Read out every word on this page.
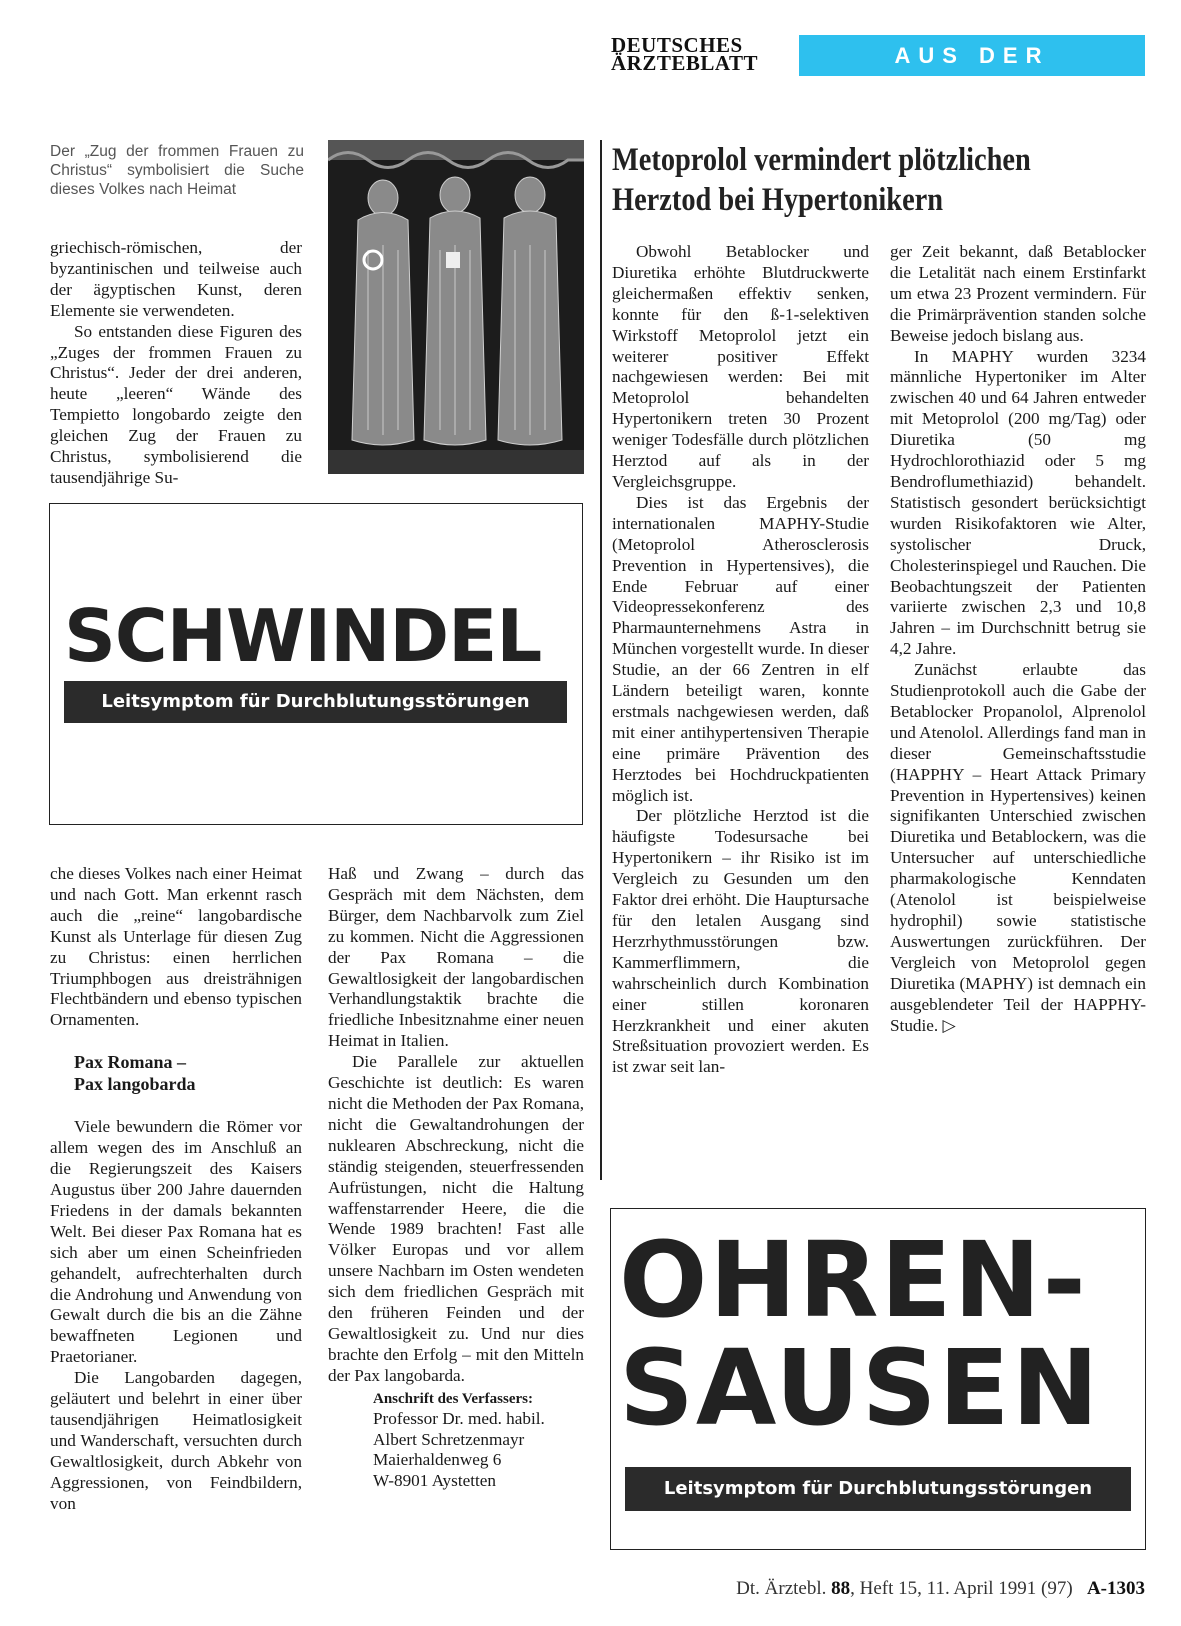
DEUTSCHES
ÄRZTEBLATT	AUS DER INDUSTRIE
Der „Zug der frommen Frauen zu Christus“ symbolisiert die Suche dieses Volkes nach Heimat

griechisch-römischen, der byzantinischen und teilweise auch der ägyptischen Kunst, deren Elemente sie verwendeten.

So entstanden diese Figuren des „Zuges der frommen Frauen zu Christus“. Jeder der drei anderen, heute „leeren“ Wände des Tempietto longobardo zeigte den gleichen Zug der Frauen zu Christus, symbolisierend die tausendjährige Su-

SCHWINDEL
Leitsymptom für Durchblutungsstörungen

che dieses Volkes nach einer Heimat und nach Gott. Man erkennt rasch auch die „reine“ langobardische Kunst als Unterlage für diesen Zug zu Christus: einen herrlichen Triumphbogen aus dreisträhnigen Flechtbändern und ebenso typischen Ornamenten.

Pax Romana –
Pax langobarda

Viele bewundern die Römer vor allem wegen des im Anschluß an die Regierungszeit des Kaisers Augustus über 200 Jahre dauernden Friedens in der damals bekannten Welt. Bei dieser Pax Romana hat es sich aber um einen Scheinfrieden gehandelt, aufrechterhalten durch die Androhung und Anwendung von Gewalt durch die bis an die Zähne bewaffneten Legionen und Praetorianer.

Die Langobarden dagegen, geläutert und belehrt in einer über tausendjährigen Heimatlosigkeit und Wanderschaft, versuchten durch Gewaltlosigkeit, durch Abkehr von Aggressionen, von Feindbildern, von

Haß und Zwang – durch das Gespräch mit dem Nächsten, dem Bürger, dem Nachbarvolk zum Ziel zu kommen. Nicht die Aggressionen der Pax Romana – die Gewaltlosigkeit der langobardischen Verhandlungstaktik brachte die friedliche Inbesitznahme einer neuen Heimat in Italien.

Die Parallele zur aktuellen Geschichte ist deutlich: Es waren nicht die Methoden der Pax Romana, nicht die Gewaltandrohungen der nuklearen Abschreckung, nicht die ständig steigenden, steuerfressenden Aufrüstungen, nicht die Haltung waffenstarrender Heere, die die Wende 1989 brachten! Fast alle Völker Europas und vor allem unsere Nachbarn im Osten wendeten sich dem friedlichen Gespräch mit den früheren Feinden und der Gewaltlosigkeit zu. Und nur dies brachte den Erfolg – mit den Mitteln der Pax langobarda.

Anschrift des Verfassers:

Professor Dr. med. habil.

Albert Schretzenmayr

Maierhaldenweg 6

W-8901 Aystetten

Metoprolol vermindert plötzlichen
Herztod bei Hypertonikern

Obwohl Betablocker und Diuretika erhöhte Blutdruckwerte gleichermaßen effektiv senken, konnte für den ß-1-selektiven Wirkstoff Metoprolol jetzt ein weiterer positiver Effekt nachgewiesen werden: Bei mit Metoprolol behandelten Hypertonikern treten 30 Prozent weniger Todesfälle durch plötzlichen Herztod auf als in der Vergleichsgruppe.

Dies ist das Ergebnis der internationalen MAPHY-Studie (Metoprolol Atherosclerosis Prevention in Hypertensives), die Ende Februar auf einer Videopressekonferenz des Pharmaunternehmens Astra in München vorgestellt wurde. In dieser Studie, an der 66 Zentren in elf Ländern beteiligt waren, konnte erstmals nachgewiesen werden, daß mit einer antihypertensiven Therapie eine primäre Prävention des Herztodes bei Hochdruckpatienten möglich ist.

Der plötzliche Herztod ist die häufigste Todesursache bei Hypertonikern – ihr Risiko ist im Vergleich zu Gesunden um den Faktor drei erhöht. Die Hauptursache für den letalen Ausgang sind Herzrhythmusstörungen bzw. Kammerflimmern, die wahrscheinlich durch Kombination einer stillen koronaren Herzkrankheit und einer akuten Streßsituation provoziert werden. Es ist zwar seit lan-

ger Zeit bekannt, daß Betablocker die Letalität nach einem Erstinfarkt um etwa 23 Prozent vermindern. Für die Primärprävention standen solche Beweise jedoch bislang aus.

In MAPHY wurden 3234 männliche Hypertoniker im Alter zwischen 40 und 64 Jahren entweder mit Metoprolol (200 mg/Tag) oder Diuretika (50 mg Hydrochlorothiazid oder 5 mg Bendroflumethiazid) behandelt. Statistisch gesondert berücksichtigt wurden Risikofaktoren wie Alter, systolischer Druck, Cholesterinspiegel und Rauchen. Die Beobachtungszeit der Patienten variierte zwischen 2,3 und 10,8 Jahren – im Durchschnitt betrug sie 4,2 Jahre.

Zunächst erlaubte das Studienprotokoll auch die Gabe der Betablocker Propanolol, Alprenolol und Atenolol. Allerdings fand man in dieser Gemeinschaftsstudie (HAPPHY – Heart Attack Primary Prevention in Hypertensives) keinen signifikanten Unterschied zwischen Diuretika und Betablockern, was die Untersucher auf unterschiedliche pharmakologische Kenndaten (Atenolol ist beispielweise hydrophil) sowie statistische Auswertungen zurückführen. Der Vergleich von Metoprolol gegen Diuretika (MAPHY) ist demnach ein ausgeblendeter Teil der HAPPHY-Studie. ▷

OHREN-
SAUSEN
Leitsymptom für Durchblutungsstörungen
Dt. Ärztebl. 88, Heft 15, 11. April 1991 (97)   A-1303
